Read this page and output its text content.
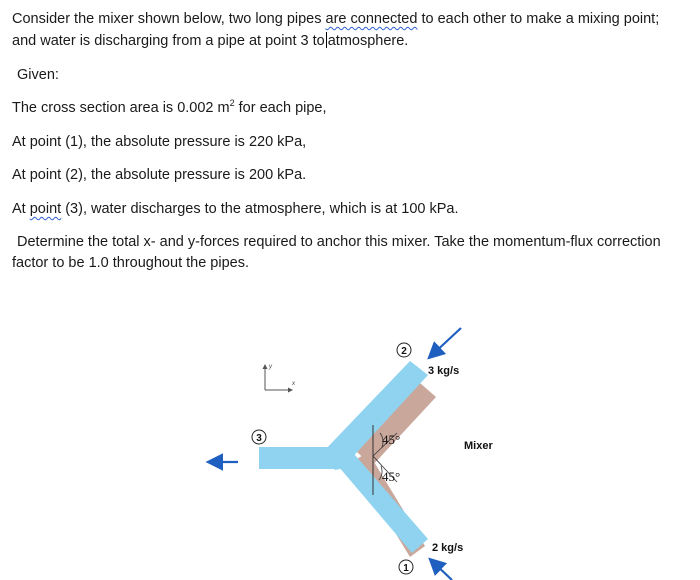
Consider the mixer shown below, two long pipes are connected to each other to make a mixing point;

and water is discharging from a pipe at point 3 to atmosphere.

Given:

The cross section area is 0.002 $m^2$ for each pipe,

At point (1), the absolute pressure is 220 kPa,

At point (2), the absolute pressure is 200 kPa.

At point (3), water discharges to the atmosphere, which is at 100 kPa.

Determine the total x- and y-forces required to anchor this mixer. Take the momentum-flux correction

factor to be 1.0 throughout the pipes.

y
x
45°
45°
2
3
1
3 kg/s
Mixer
2 kg/s
